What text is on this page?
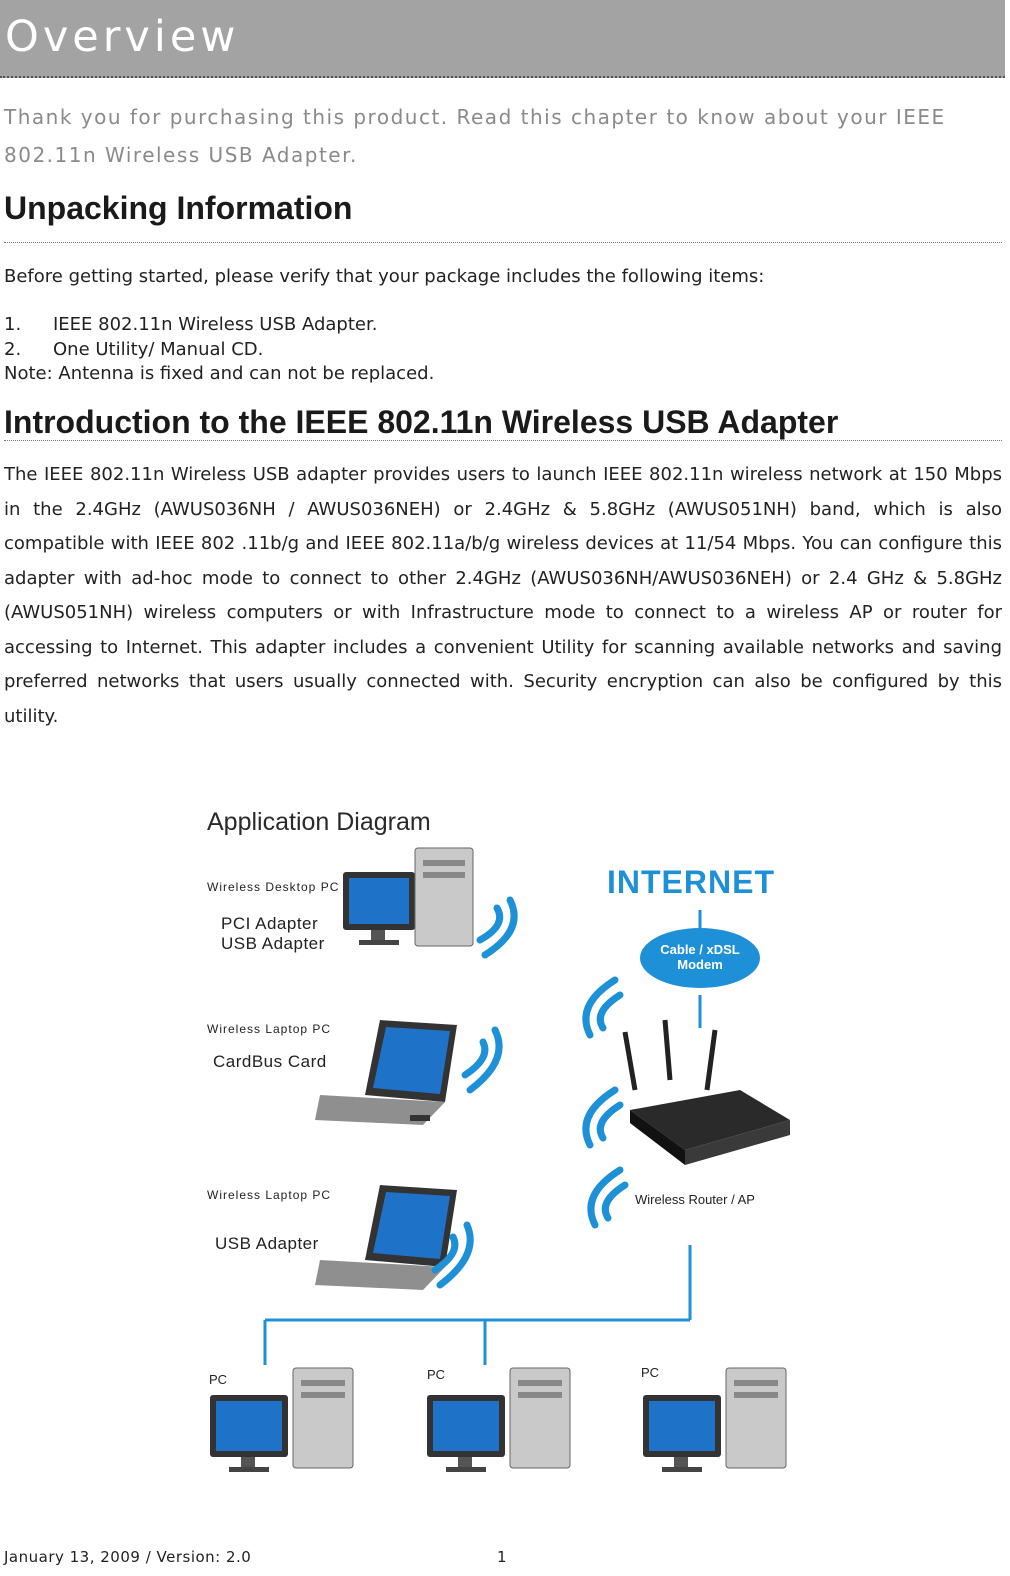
Overview

Thank you for purchasing this product. Read this chapter to know about your IEEE 802.11n Wireless USB Adapter.

Unpacking Information

Before getting started, please verify that your package includes the following items:

1.	IEEE 802.11n Wireless USB Adapter.
2.	One Utility/ Manual CD.

Note: Antenna is fixed and can not be replaced.

Introduction to the IEEE 802.11n Wireless USB Adapter

The IEEE 802.11n Wireless USB adapter provides users to launch IEEE 802.11n wireless network at 150 Mbps in the 2.4GHz (AWUS036NH / AWUS036NEH) or 2.4GHz & 5.8GHz (AWUS051NH) band, which is also compatible with IEEE 802 .11b/g and IEEE 802.11a/b/g wireless devices at 11/54 Mbps. You can configure this adapter with ad-hoc mode to connect to other 2.4GHz (AWUS036NH/AWUS036NEH) or 2.4 GHz & 5.8GHz (AWUS051NH) wireless computers or with Infrastructure mode to connect to a wireless AP or router for accessing to Internet. This adapter includes a convenient Utility for scanning available networks and saving preferred networks that users usually connected with. Security encryption can also be configured by this utility.

Application Diagram

Wireless Desktop PC

PCI Adapter

USB Adapter

Wireless Laptop PC

CardBus Card

Wireless Laptop PC

USB Adapter

INTERNET

Cable / xDSL Modem

Wireless Router / AP

PC	PC	PC

January 13, 2009 / Version: 2.0	1
